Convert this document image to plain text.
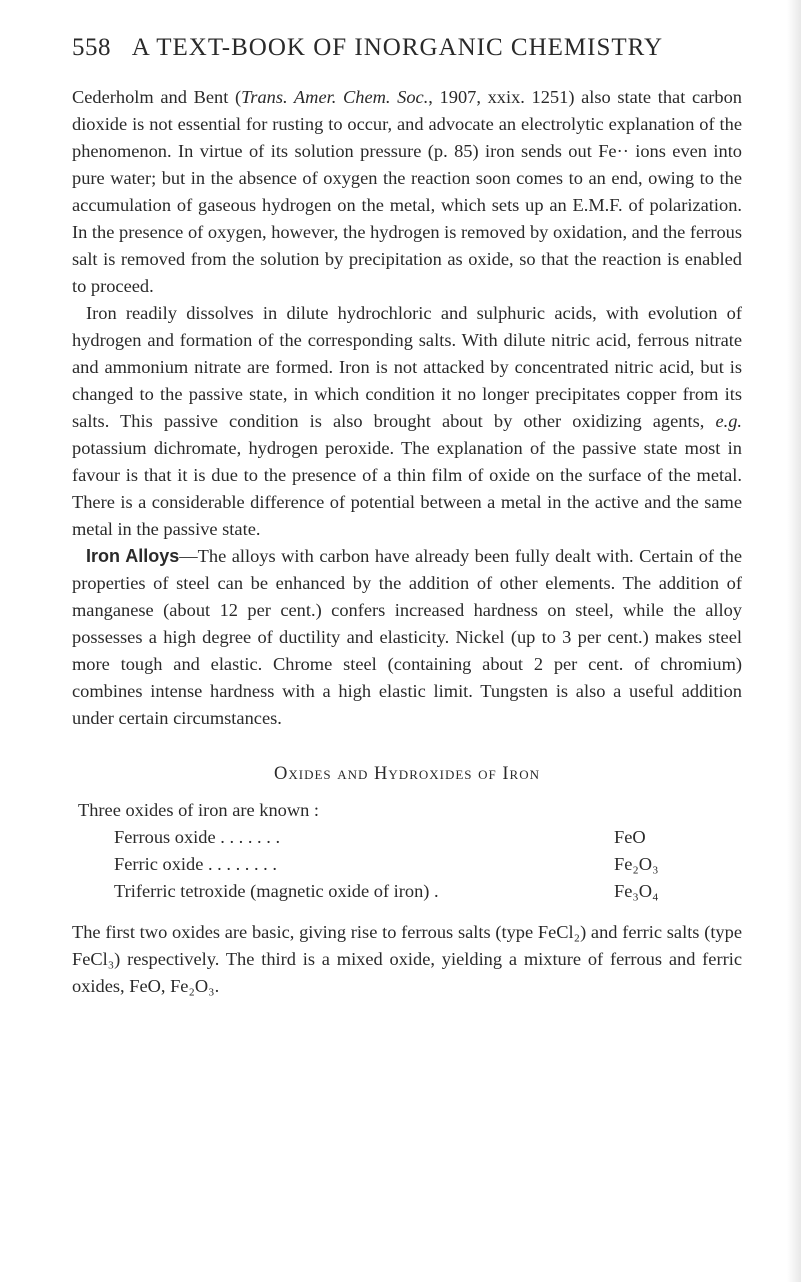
558 A TEXT-BOOK OF INORGANIC CHEMISTRY

Cederholm and Bent (Trans. Amer. Chem. Soc., 1907, xxix. 1251) also state that carbon dioxide is not essential for rusting to occur, and advocate an electrolytic explanation of the phenomenon. In virtue of its solution pressure (p. 85) iron sends out Fe·· ions even into pure water; but in the absence of oxygen the reaction soon comes to an end, owing to the accumulation of gaseous hydrogen on the metal, which sets up an E.M.F. of polarization. In the presence of oxygen, however, the hydrogen is removed by oxidation, and the ferrous salt is removed from the solution by precipitation as oxide, so that the reaction is enabled to proceed.

Iron readily dissolves in dilute hydrochloric and sulphuric acids, with evolution of hydrogen and formation of the corresponding salts. With dilute nitric acid, ferrous nitrate and ammonium nitrate are formed. Iron is not attacked by concentrated nitric acid, but is changed to the passive state, in which condition it no longer precipitates copper from its salts. This passive condition is also brought about by other oxidizing agents, e.g. potassium dichromate, hydrogen peroxide. The explanation of the passive state most in favour is that it is due to the presence of a thin film of oxide on the surface of the metal. There is a considerable difference of potential between a metal in the active and the same metal in the passive state.

Iron Alloys—The alloys with carbon have already been fully dealt with. Certain of the properties of steel can be enhanced by the addition of other elements. The addition of manganese (about 12 per cent.) confers increased hardness on steel, while the alloy possesses a high degree of ductility and elasticity. Nickel (up to 3 per cent.) makes steel more tough and elastic. Chrome steel (containing about 2 per cent. of chromium) combines intense hardness with a high elastic limit. Tungsten is also a useful addition under certain circumstances.

Oxides and Hydroxides of Iron

Three oxides of iron are known :

Ferrous oxide . . . . . . .	FeO
Ferric oxide . . . . . . . .	Fe₂O₃
Triferric tetroxide (magnetic oxide of iron) .	Fe₃O₄

The first two oxides are basic, giving rise to ferrous salts (type FeCl₂) and ferric salts (type FeCl₃) respectively. The third is a mixed oxide, yielding a mixture of ferrous and ferric oxides, FeO, Fe₂O₃.
